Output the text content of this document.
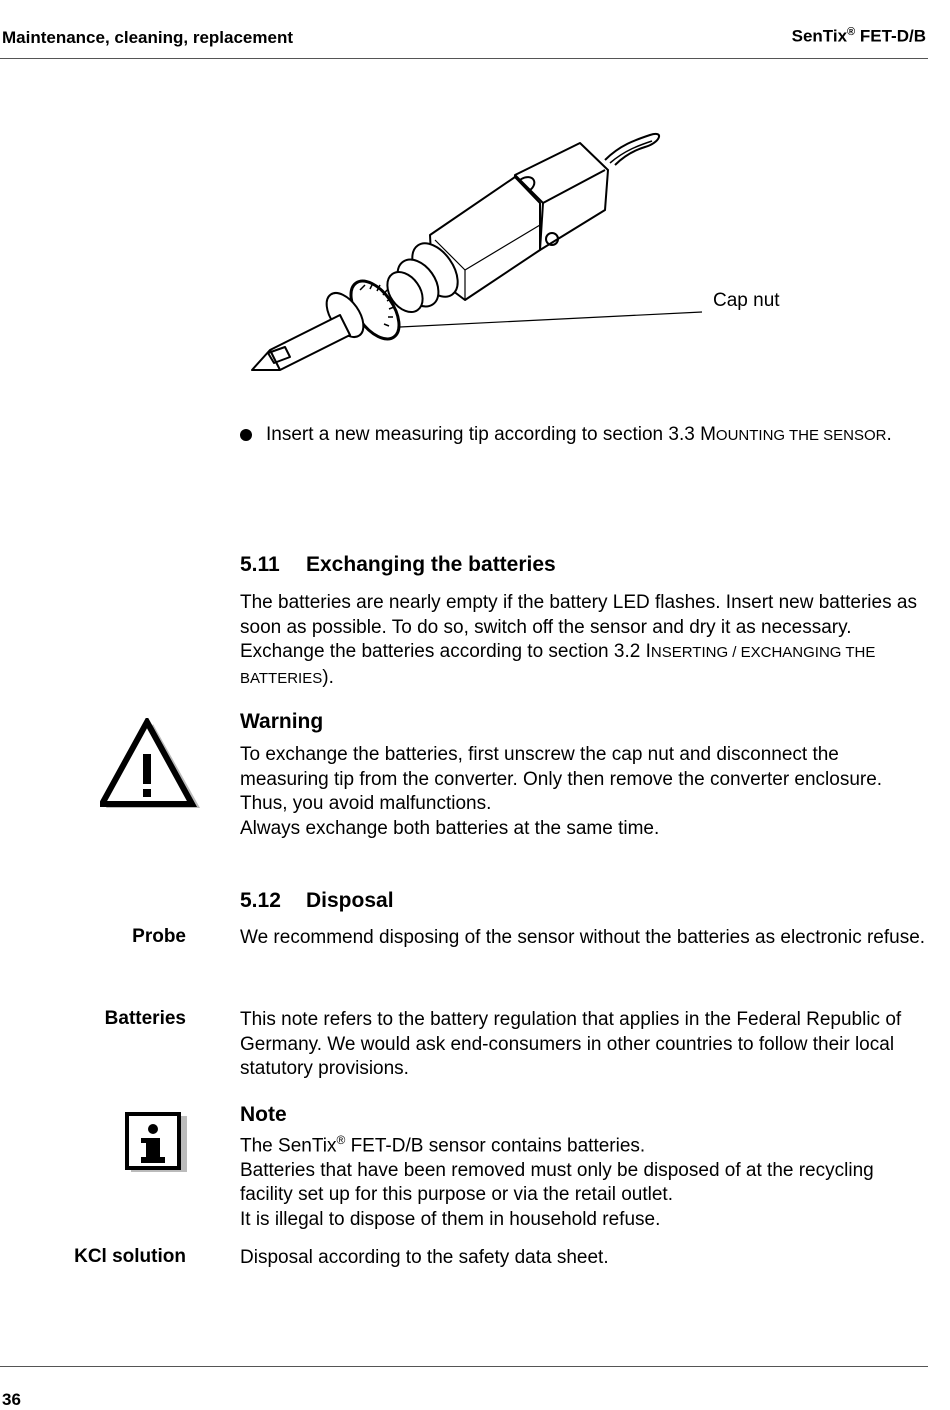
Maintenance, cleaning, replacement	SenTix® FET-D/B
Cap nut
Insert a new measuring tip according to section 3.3 MOUNTING THE SENSOR.
5.11 Exchanging the batteries
The batteries are nearly empty if the battery LED flashes. Insert new batteries as soon as possible. To do so, switch off the sensor and dry it as necessary. Exchange the batteries according to section 3.2 INSERTING / EXCHANGING THE BATTERIES).
Warning
To exchange the batteries, first unscrew the cap nut and disconnect the measuring tip from the converter. Only then remove the converter enclosure. Thus, you avoid malfunctions.
Always exchange both batteries at the same time.
5.12 Disposal
Probe	We recommend disposing of the sensor without the batteries as electronic refuse.
Batteries	This note refers to the battery regulation that applies in the Federal Republic of Germany. We would ask end-consumers in other countries to follow their local statutory provisions.
Note
The SenTix® FET-D/B sensor contains batteries.
Batteries that have been removed must only be disposed of at the recycling facility set up for this purpose or via the retail outlet.
It is illegal to dispose of them in household refuse.
KCl solution	Disposal according to the safety data sheet.
36
